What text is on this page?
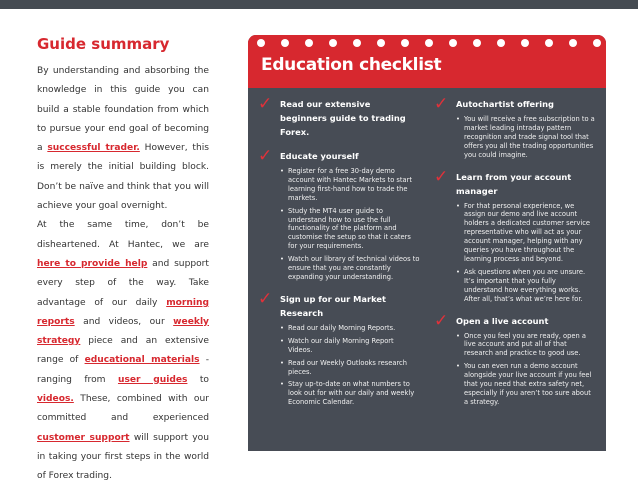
Guide summary

By understanding and absorbing the knowledge in this guide you can build a stable foundation from which to pursue your end goal of becoming a successful trader. However, this is merely the initial building block. Don’t be naïve and think that you will achieve your goal overnight.

At the same time, don’t be disheartened. At Hantec, we are here to provide help and support every step of the way. Take advantage of our daily morning reports and videos, our weekly strategy piece and an extensive range of educational materials - ranging from user guides to videos. These, combined with our committed and experienced customer support will support you in taking your first steps in the world of Forex trading.

Education checklist
✓ Read our extensive beginners guide to trading Forex.
✓ Educate yourself
• Register for a free 30-day demo account with Hantec Markets to start learning first-hand how to trade the markets.
• Study the MT4 user guide to understand how to use the full functionality of the platform and customise the setup so that it caters for your requirements.
• Watch our library of technical videos to ensure that you are constantly expanding your understanding.
✓ Sign up for our Market Research
• Read our daily Morning Reports.
• Watch our daily Morning Report Videos.
• Read our Weekly Outlooks research pieces.
• Stay up-to-date on what numbers to look out for with our daily and weekly Economic Calendar.
✓ Autochartist offering
• You will receive a free subscription to a market leading intraday pattern recognition and trade signal tool that offers you all the trading opportunities you could imagine.
✓ Learn from your account manager
• For that personal experience, we assign our demo and live account holders a dedicated customer service representative who will act as your account manager, helping with any queries you have throughout the learning process and beyond.
• Ask questions when you are unsure. It’s important that you fully understand how everything works. After all, that’s what we’re here for.
✓ Open a live account
• Once you feel you are ready, open a live account and put all of that research and practice to good use.
• You can even run a demo account alongside your live account if you feel that you need that extra safety net, especially if you aren’t too sure about a strategy.
